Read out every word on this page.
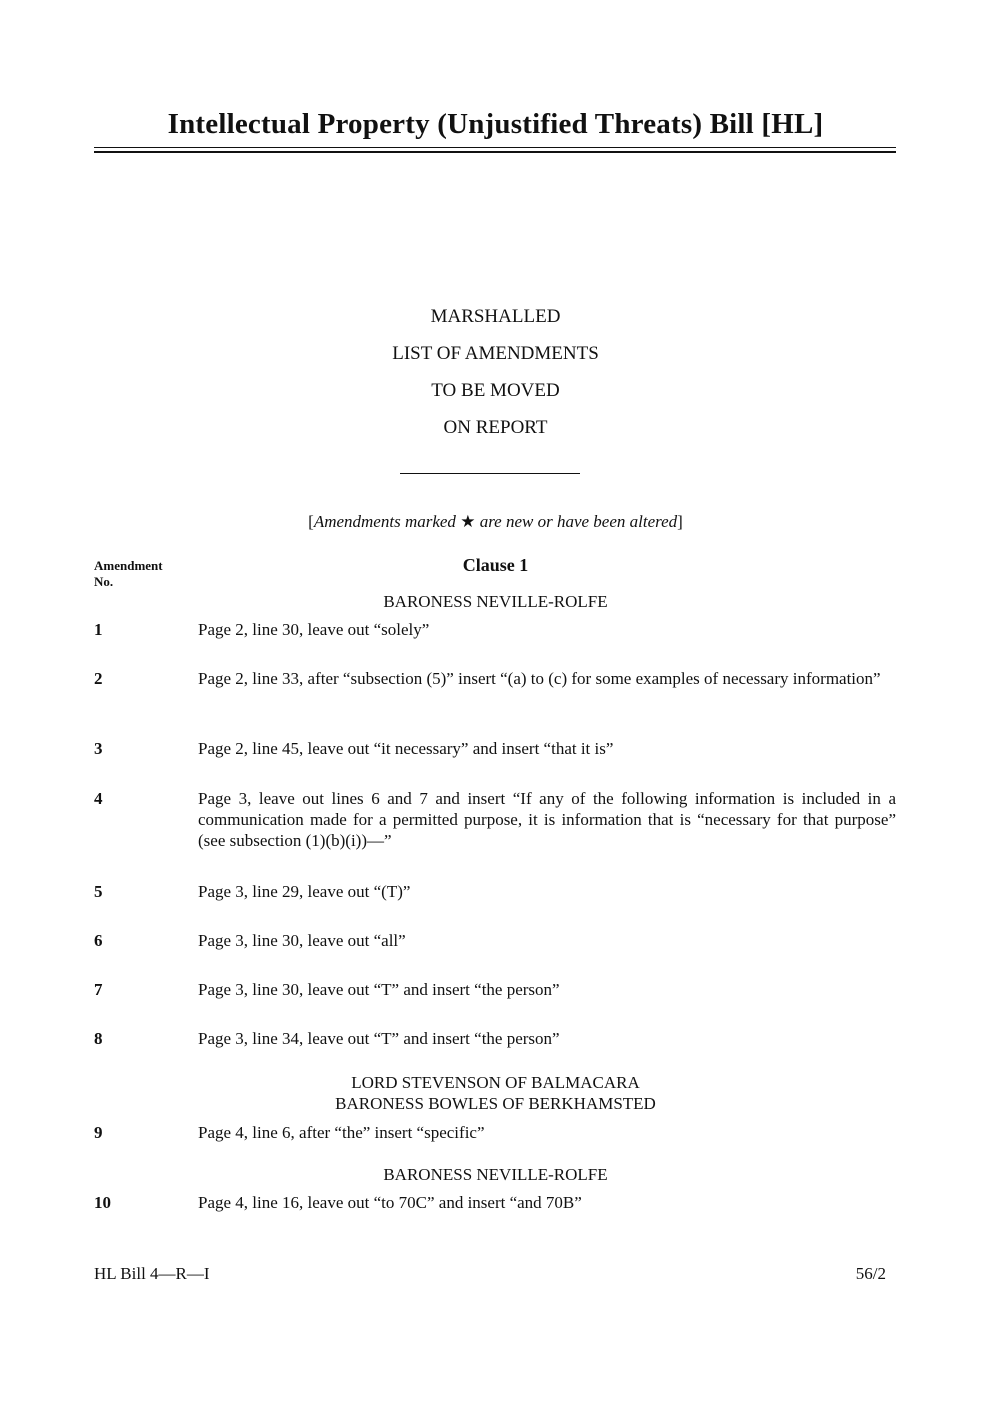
Intellectual Property (Unjustified Threats) Bill [HL]
MARSHALLED
LIST OF AMENDMENTS
TO BE MOVED
ON REPORT
[Amendments marked ★ are new or have been altered]
Amendment
No.
Clause 1
BARONESS NEVILLE-ROLFE
1	Page 2, line 30, leave out “solely”
2	Page 2, line 33, after “subsection (5)” insert “(a) to (c) for some examples of necessary information”
3	Page 2, line 45, leave out “it necessary” and insert “that it is”
4	Page 3, leave out lines 6 and 7 and insert “If any of the following information is included in a communication made for a permitted purpose, it is information that is “necessary for that purpose” (see subsection (1)(b)(i))—”
5	Page 3, line 29, leave out “(T)”
6	Page 3, line 30, leave out “all”
7	Page 3, line 30, leave out “T” and insert “the person”
8	Page 3, line 34, leave out “T” and insert “the person”
LORD STEVENSON OF BALMACARA
BARONESS BOWLES OF BERKHAMSTED
9	Page 4, line 6, after “the” insert “specific”
BARONESS NEVILLE-ROLFE
10	Page 4, line 16, leave out “to 70C” and insert “and 70B”
HL Bill 4—R—I	56/2
